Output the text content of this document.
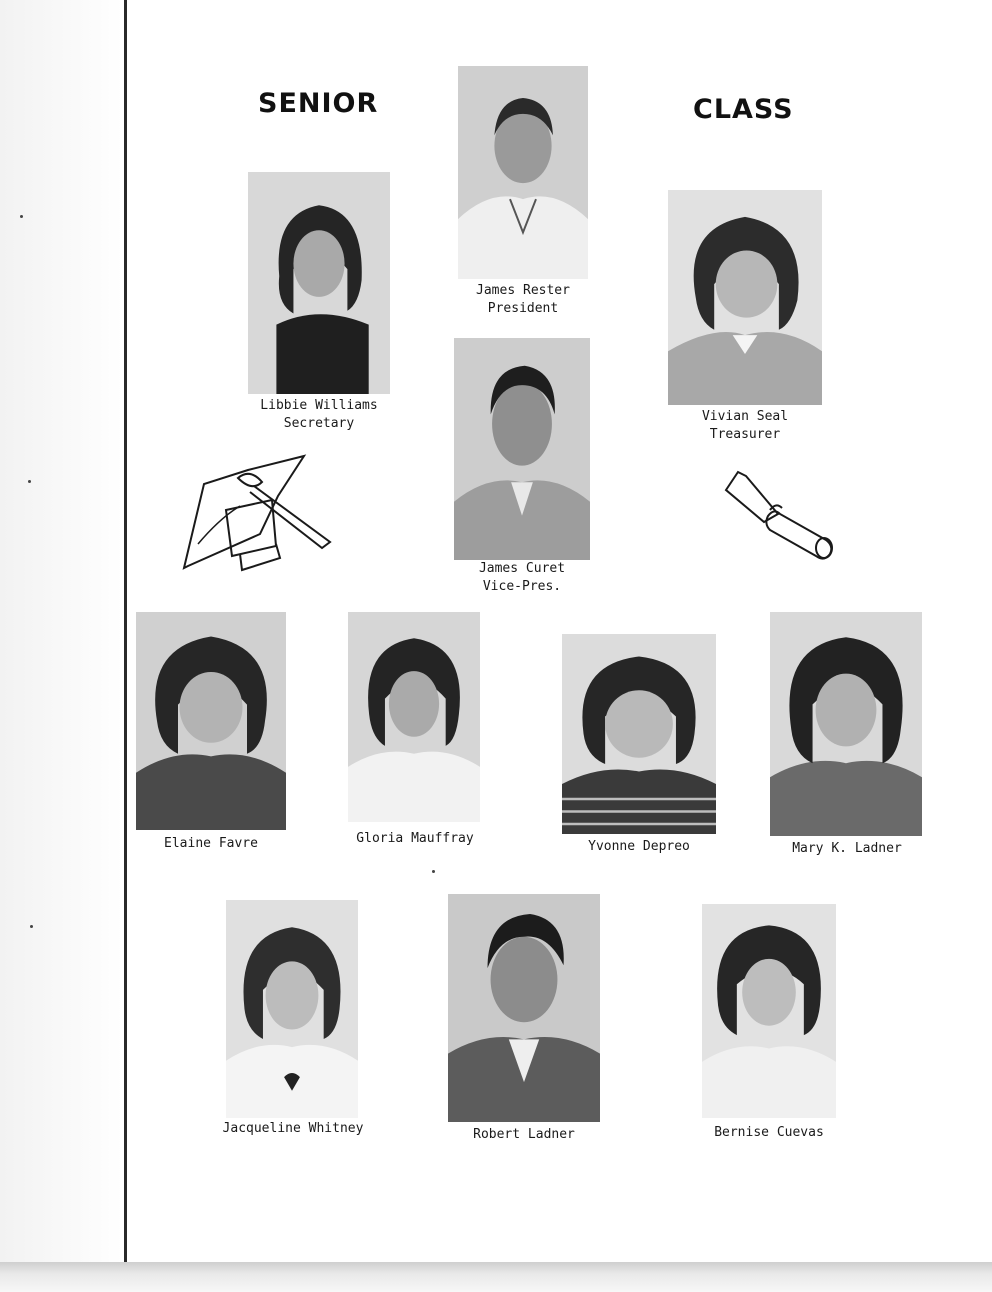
SENIOR	CLASS

James Rester
President

Libbie Williams
Secretary	Vivian Seal
Treasurer

James Curet
Vice-Pres.

Elaine Favre	Gloria Mauffray

Yvonne Depreo	Mary K. Ladner

Jacqueline Whitney	Robert Ladner	Bernise Cuevas
